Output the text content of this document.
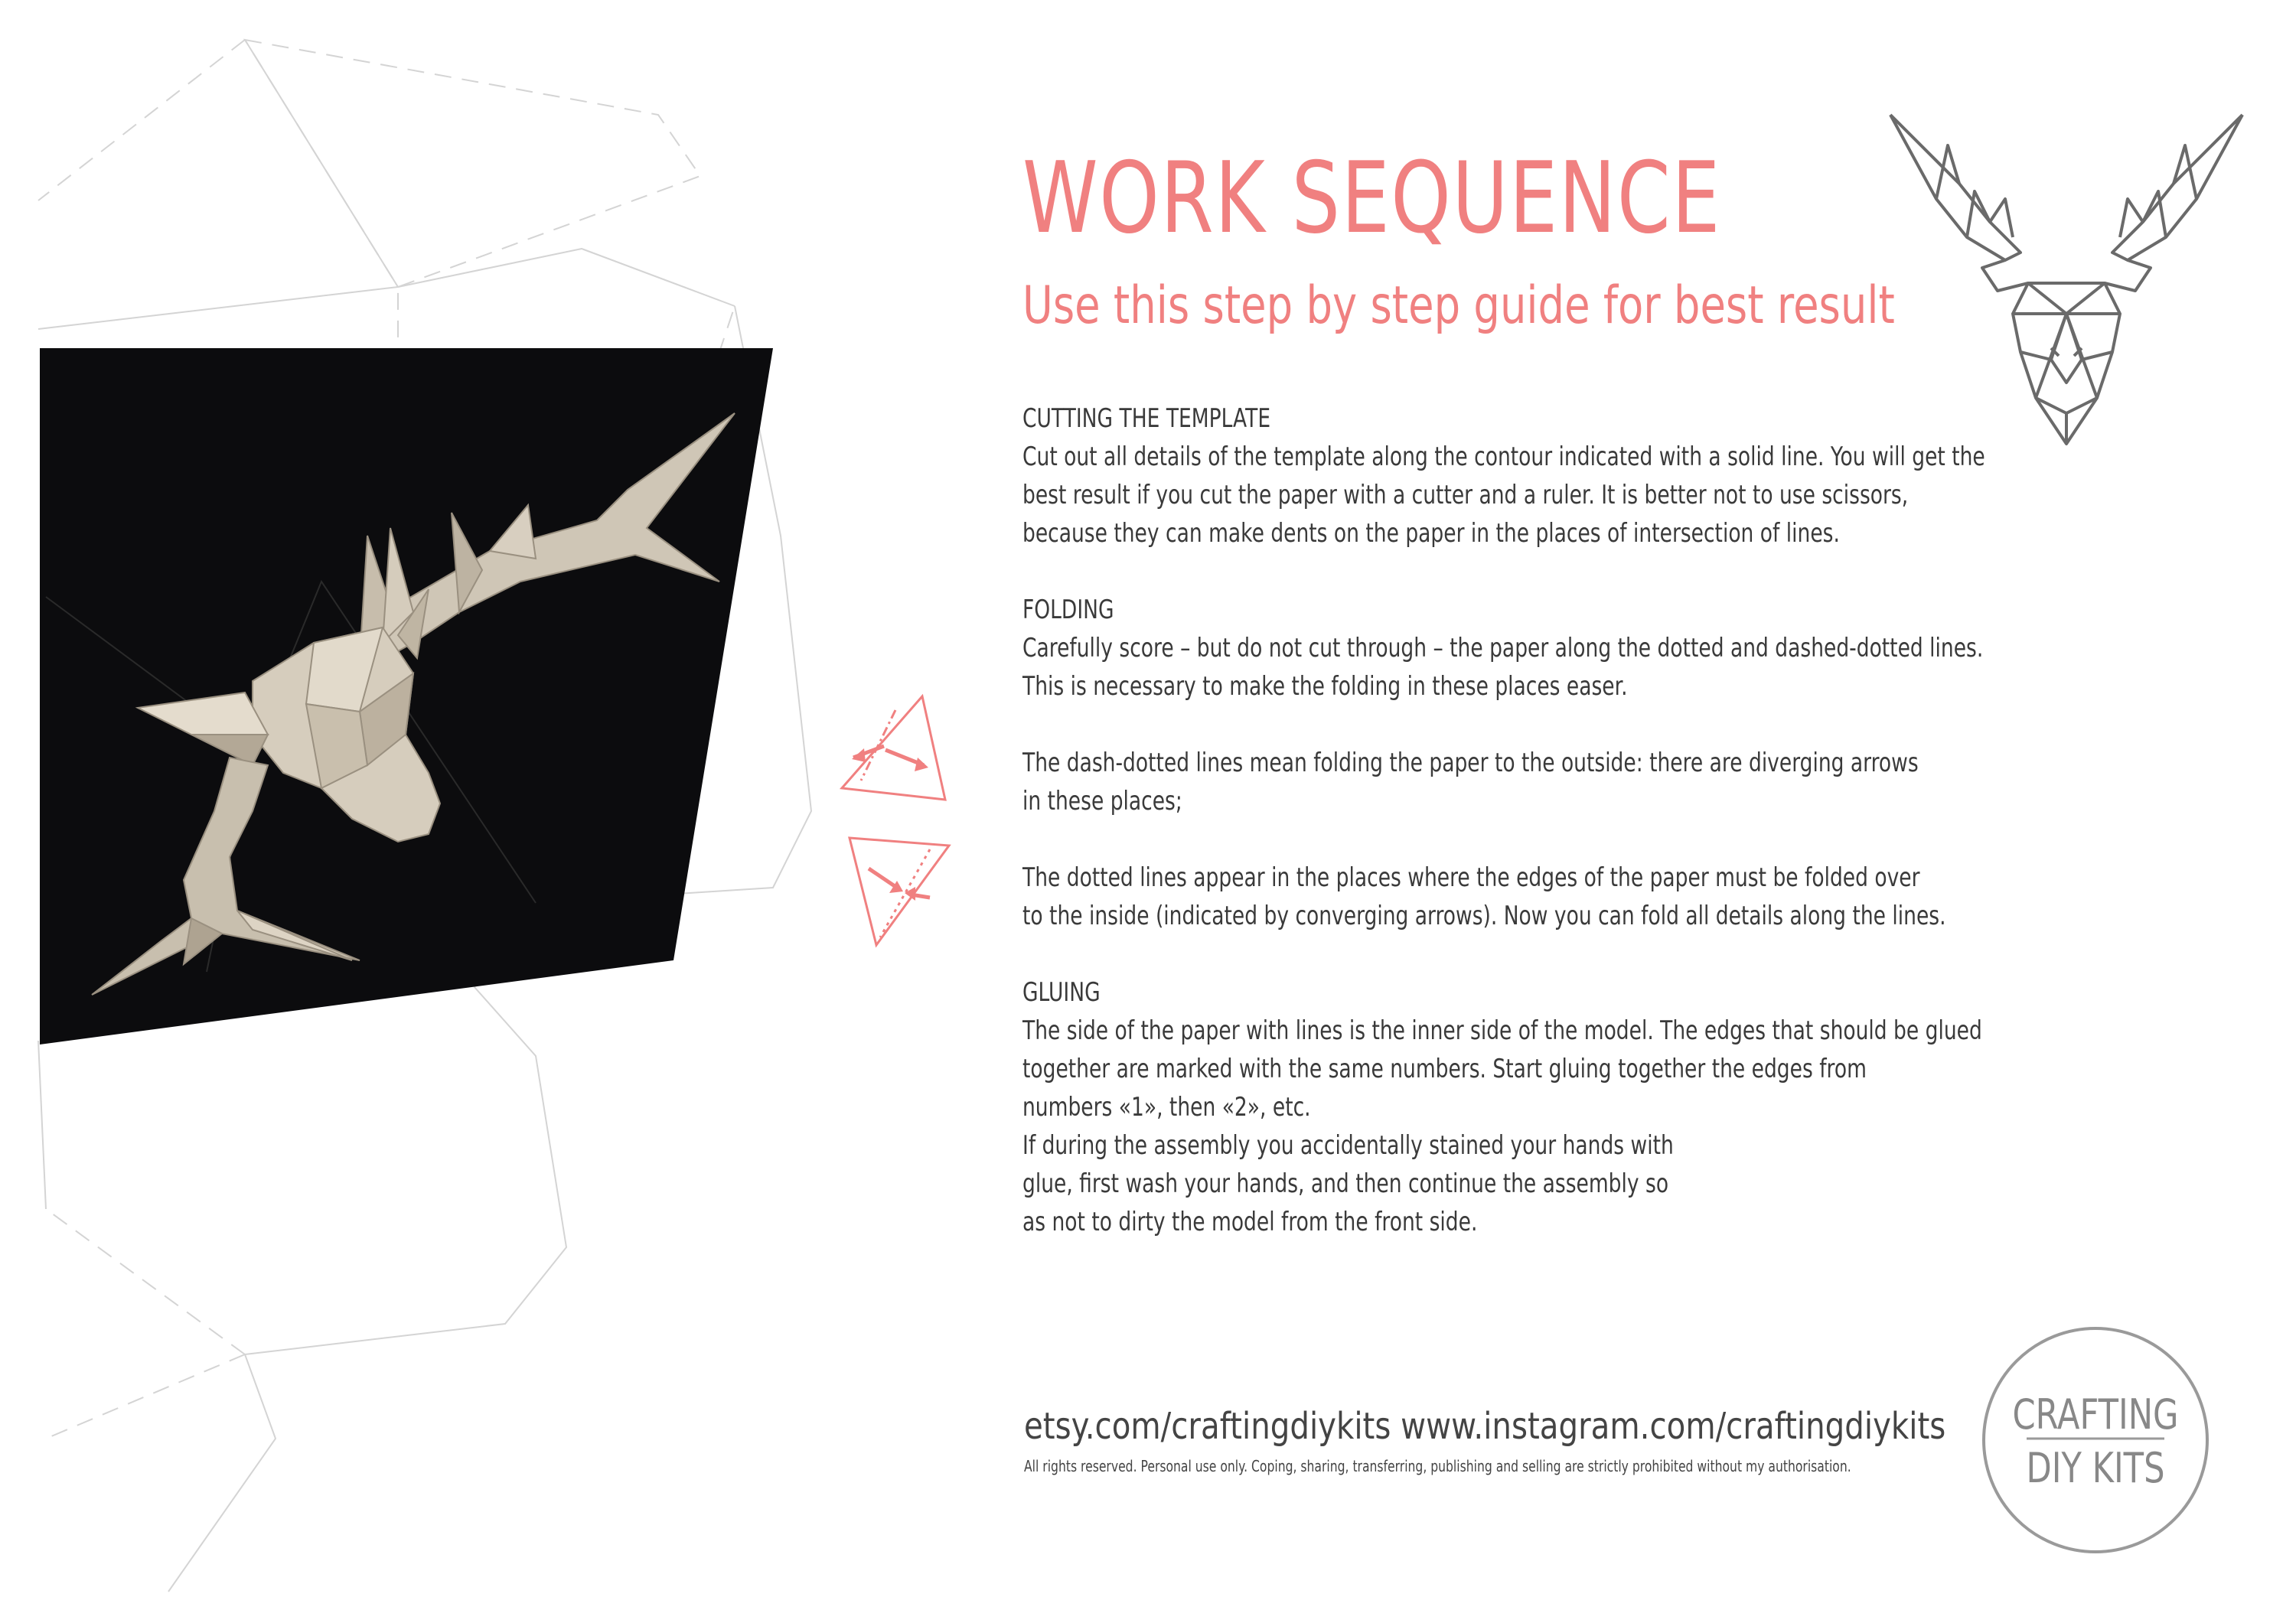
WORK SEQUENCE
Use this step by step guide for best result
CUTTING THE TEMPLATE
Cut out all details of the template along the contour indicated with a solid line. You will get the
best result if you cut the paper with a cutter and a ruler. It is better not to use scissors,
because they can make dents on the paper in the places of intersection of lines.
FOLDING
Carefully score – but do not cut through – the paper along the dotted and dashed-dotted lines.
This is necessary to make the folding in these places easer.
The dash-dotted lines mean folding the paper to the outside: there are diverging arrows
in these places;
The dotted lines appear in the places where the edges of the paper must be folded over
to the inside (indicated by converging arrows). Now you can fold all details along the lines.
GLUING
The side of the paper with lines is the inner side of the model. The edges that should be glued
together are marked with the same numbers. Start gluing together the edges from
numbers «1», then «2», etc.
If during the assembly you accidentally stained your hands with
glue, first wash your hands, and then continue the assembly so
as not to dirty the model from the front side.
etsy.com/craftingdiykits www.instagram.com/craftingdiykits
All rights reserved. Personal use only. Coping, sharing, transferring, publishing and selling are strictly prohibited without my authorisation.
CRAFTING
DIY KITS
